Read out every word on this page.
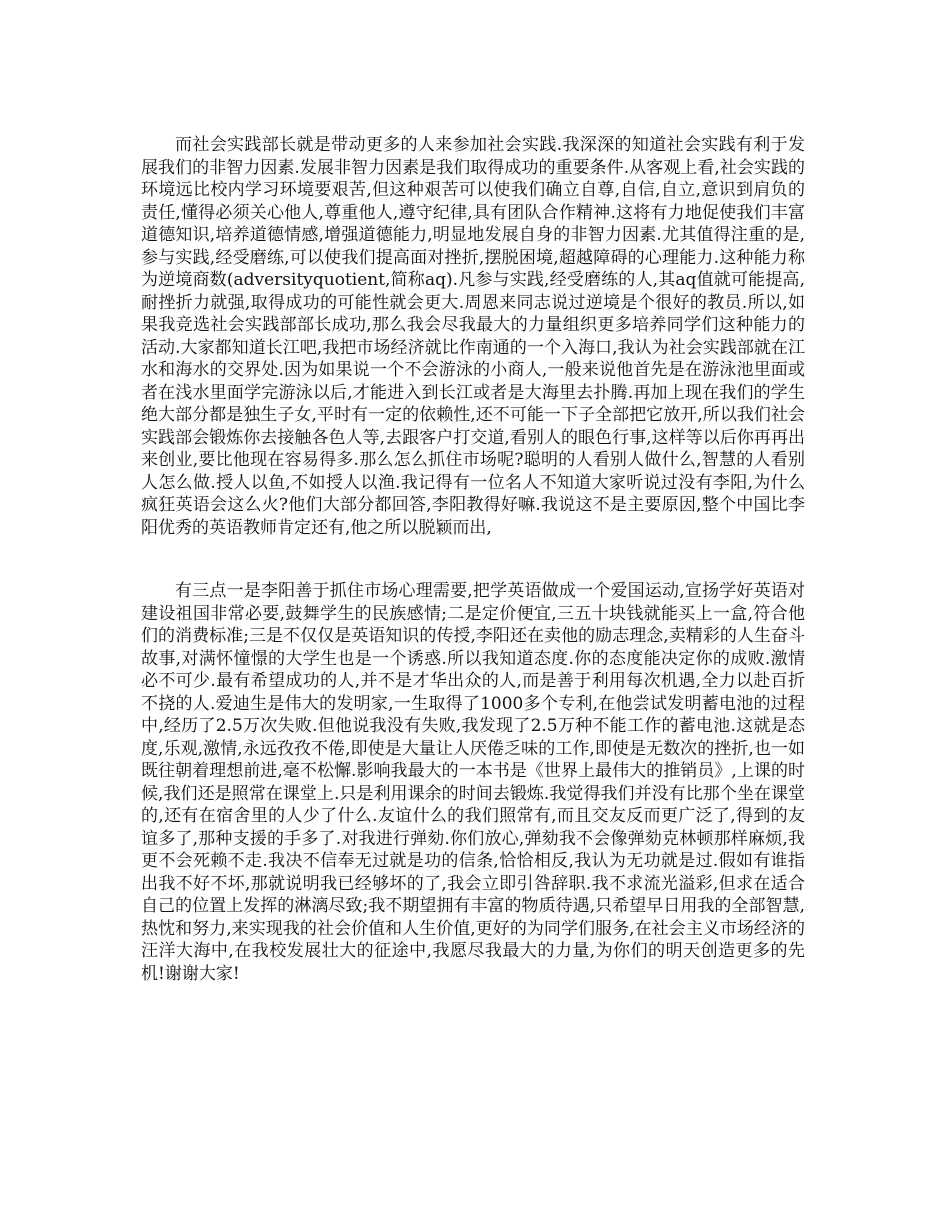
而社会实践部长就是带动更多的人来参加社会实践.我深深的知道社会实践有利于发展我们的非智力因素.发展非智力因素是我们取得成功的重要条件.从客观上看,社会实践的环境远比校内学习环境要艰苦,但这种艰苦可以使我们确立自尊,自信,自立,意识到肩负的责任,懂得必须关心他人,尊重他人,遵守纪律,具有团队合作精神.这将有力地促使我们丰富道德知识,培养道德情感,增强道德能力,明显地发展自身的非智力因素.尤其值得注重的是,参与实践,经受磨练,可以使我们提高面对挫折,摆脱困境,超越障碍的心理能力.这种能力称为逆境商数(adversityquotient,简称aq).凡参与实践,经受磨练的人,其aq值就可能提高,耐挫折力就强,取得成功的可能性就会更大.周恩来同志说过逆境是个很好的教员.所以,如果我竞选社会实践部部长成功,那么我会尽我最大的力量组织更多培养同学们这种能力的活动.大家都知道长江吧,我把市场经济就比作南通的一个入海口,我认为社会实践部就在江水和海水的交界处.因为如果说一个不会游泳的小商人,一般来说他首先是在游泳池里面或者在浅水里面学完游泳以后,才能进入到长江或者是大海里去扑腾.再加上现在我们的学生绝大部分都是独生子女,平时有一定的依赖性,还不可能一下子全部把它放开,所以我们社会实践部会锻炼你去接触各色人等,去跟客户打交道,看别人的眼色行事,这样等以后你再再出来创业,要比他现在容易得多.那么怎么抓住市场呢?聪明的人看别人做什么,智慧的人看别人怎么做.授人以鱼,不如授人以渔.我记得有一位名人不知道大家听说过没有李阳,为什么疯狂英语会这么火?他们大部分都回答,李阳教得好嘛.我说这不是主要原因,整个中国比李阳优秀的英语教师肯定还有,他之所以脱颖而出,

有三点一是李阳善于抓住市场心理需要,把学英语做成一个爱国运动,宣扬学好英语对建设祖国非常必要,鼓舞学生的民族感情;二是定价便宜,三五十块钱就能买上一盒,符合他们的消费标准;三是不仅仅是英语知识的传授,李阳还在卖他的励志理念,卖精彩的人生奋斗故事,对满怀憧憬的大学生也是一个诱惑.所以我知道态度.你的态度能决定你的成败.激情必不可少.最有希望成功的人,并不是才华出众的人,而是善于利用每次机遇,全力以赴百折不挠的人.爱迪生是伟大的发明家,一生取得了1000多个专利,在他尝试发明蓄电池的过程中,经历了2.5万次失败.但他说我没有失败,我发现了2.5万种不能工作的蓄电池.这就是态度,乐观,激情,永远孜孜不倦,即使是大量让人厌倦乏味的工作,即使是无数次的挫折,也一如既往朝着理想前进,毫不松懈.影响我最大的一本书是《世界上最伟大的推销员》,上课的时候,我们还是照常在课堂上.只是利用课余的时间去锻炼.我觉得我们并没有比那个坐在课堂的,还有在宿舍里的人少了什么.友谊什么的我们照常有,而且交友反而更广泛了,得到的友谊多了,那种支援的手多了.对我进行弹劾.你们放心,弹劾我不会像弹劾克林顿那样麻烦,我更不会死赖不走.我决不信奉无过就是功的信条,恰恰相反,我认为无功就是过.假如有谁指出我不好不坏,那就说明我已经够坏的了,我会立即引咎辞职.我不求流光溢彩,但求在适合自己的位置上发挥的淋漓尽致;我不期望拥有丰富的物质待遇,只希望早日用我的全部智慧,热忱和努力,来实现我的社会价值和人生价值,更好的为同学们服务,在社会主义市场经济的汪洋大海中,在我校发展壮大的征途中,我愿尽我最大的力量,为你们的明天创造更多的先机!谢谢大家!
